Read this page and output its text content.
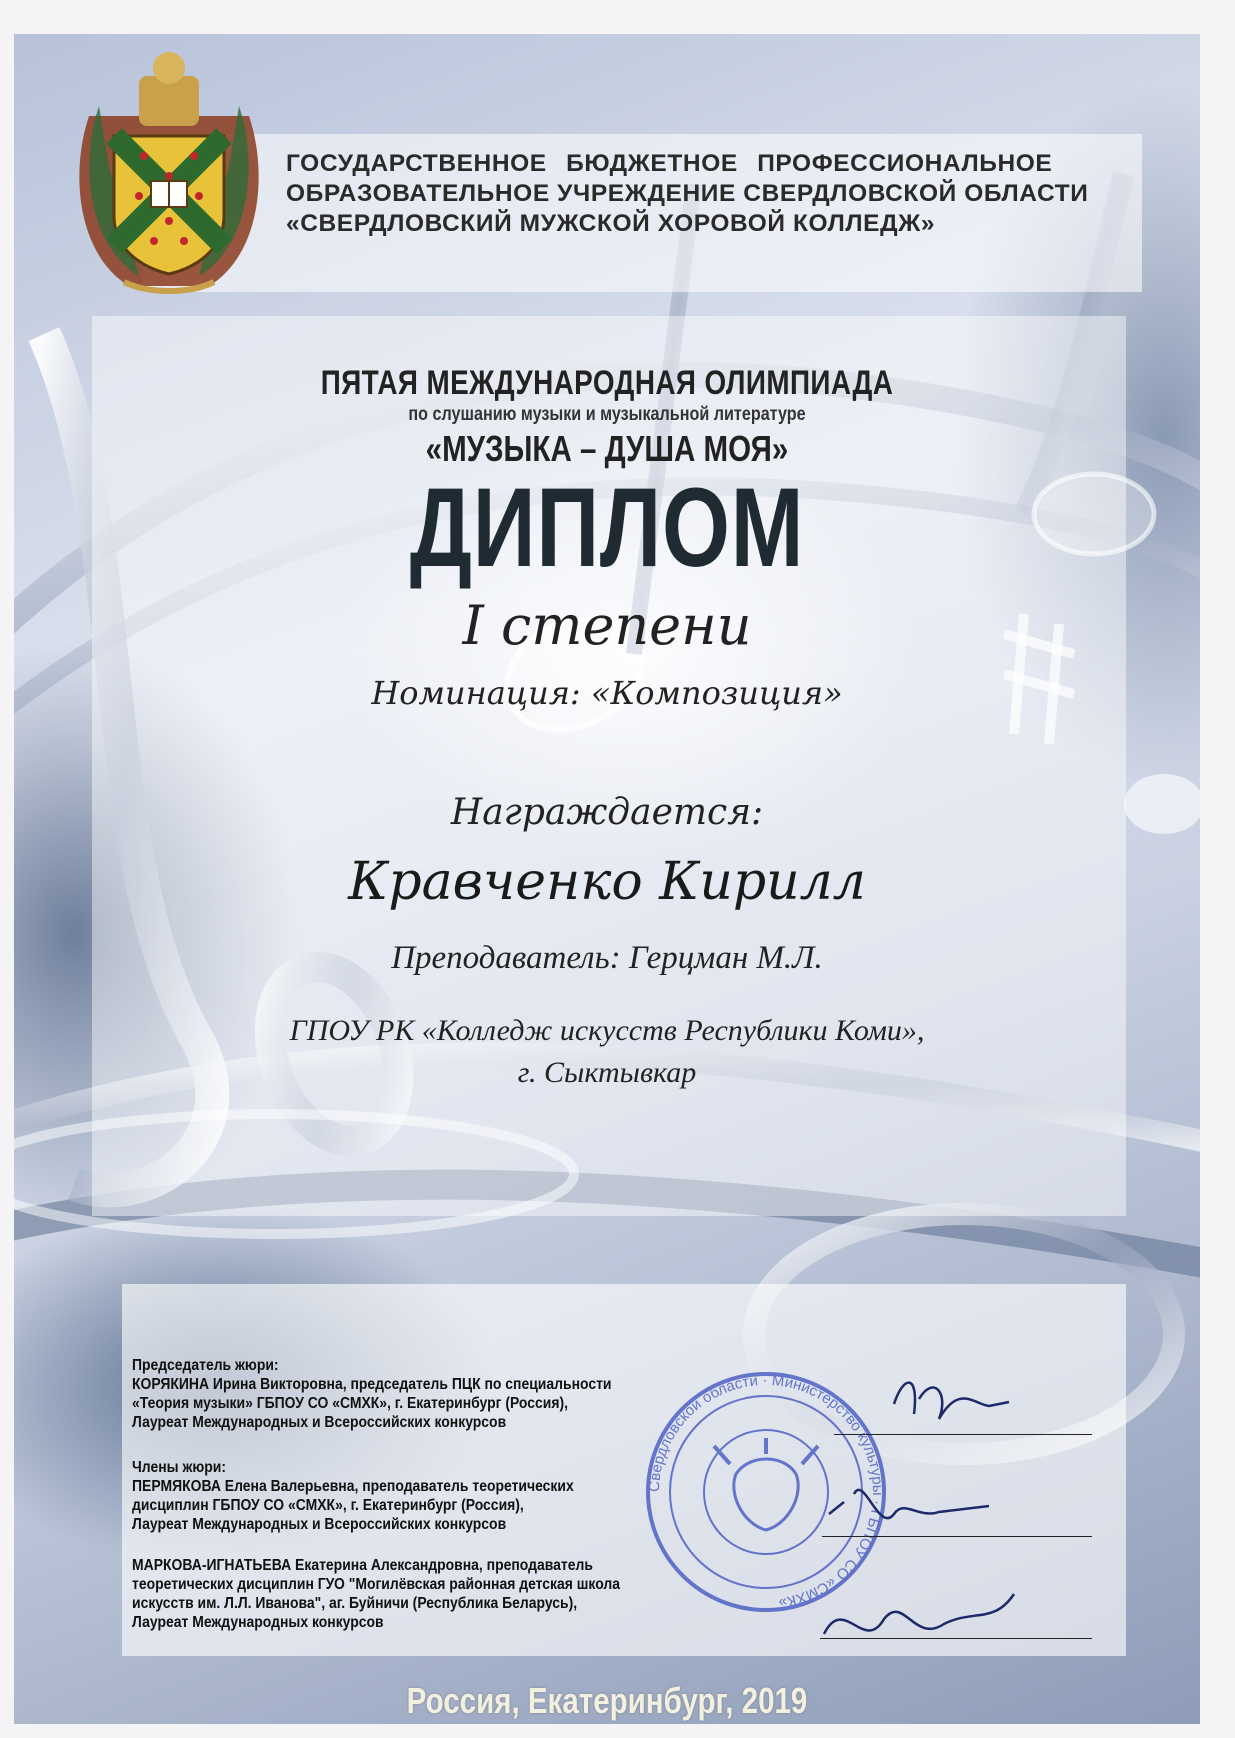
ГОСУДАРСТВЕННОЕ БЮДЖЕТНОЕ ПРОФЕССИОНАЛЬНОЕ
ОБРАЗОВАТЕЛЬНОЕ УЧРЕЖДЕНИЕ СВЕРДЛОВСКОЙ ОБЛАСТИ
«СВЕРДЛОВСКИЙ МУЖСКОЙ ХОРОВОЙ КОЛЛЕДЖ»
ПЯТАЯ МЕЖДУНАРОДНАЯ ОЛИМПИАДА
по слушанию музыки и музыкальной литературе
«МУЗЫКА – ДУША МОЯ»
ДИПЛОМ
I степени
Номинация: «Композиция»
Награждается:
Кравченко Кирилл
Преподаватель: Герцман М.Л.
ГПОУ РК «Колледж искусств Республики Коми»,
г. Сыктывкар
Председатель жюри:
КОРЯКИНА Ирина Викторовна, председатель ПЦК по специальности
«Теория музыки» ГБПОУ СО «СМХК», г. Екатеринбург (Россия),
Лауреат Международных и Всероссийских конкурсов
Члены жюри:
ПЕРМЯКОВА Елена Валерьевна, преподаватель теоретических
дисциплин ГБПОУ СО «СМХК», г. Екатеринбург (Россия),
Лауреат Международных и Всероссийских конкурсов
МАРКОВА-ИГНАТЬЕВА Екатерина Александровна, преподаватель
теоретических дисциплин ГУО "Могилёвская районная детская школа
искусств им. Л.Л. Иванова", аг. Буйничи (Республика Беларусь),
Лауреат Международных конкурсов
Свердловской области · Министерство культуры · ГБПОУ СО «СМХК»
Россия, Екатеринбург, 2019
